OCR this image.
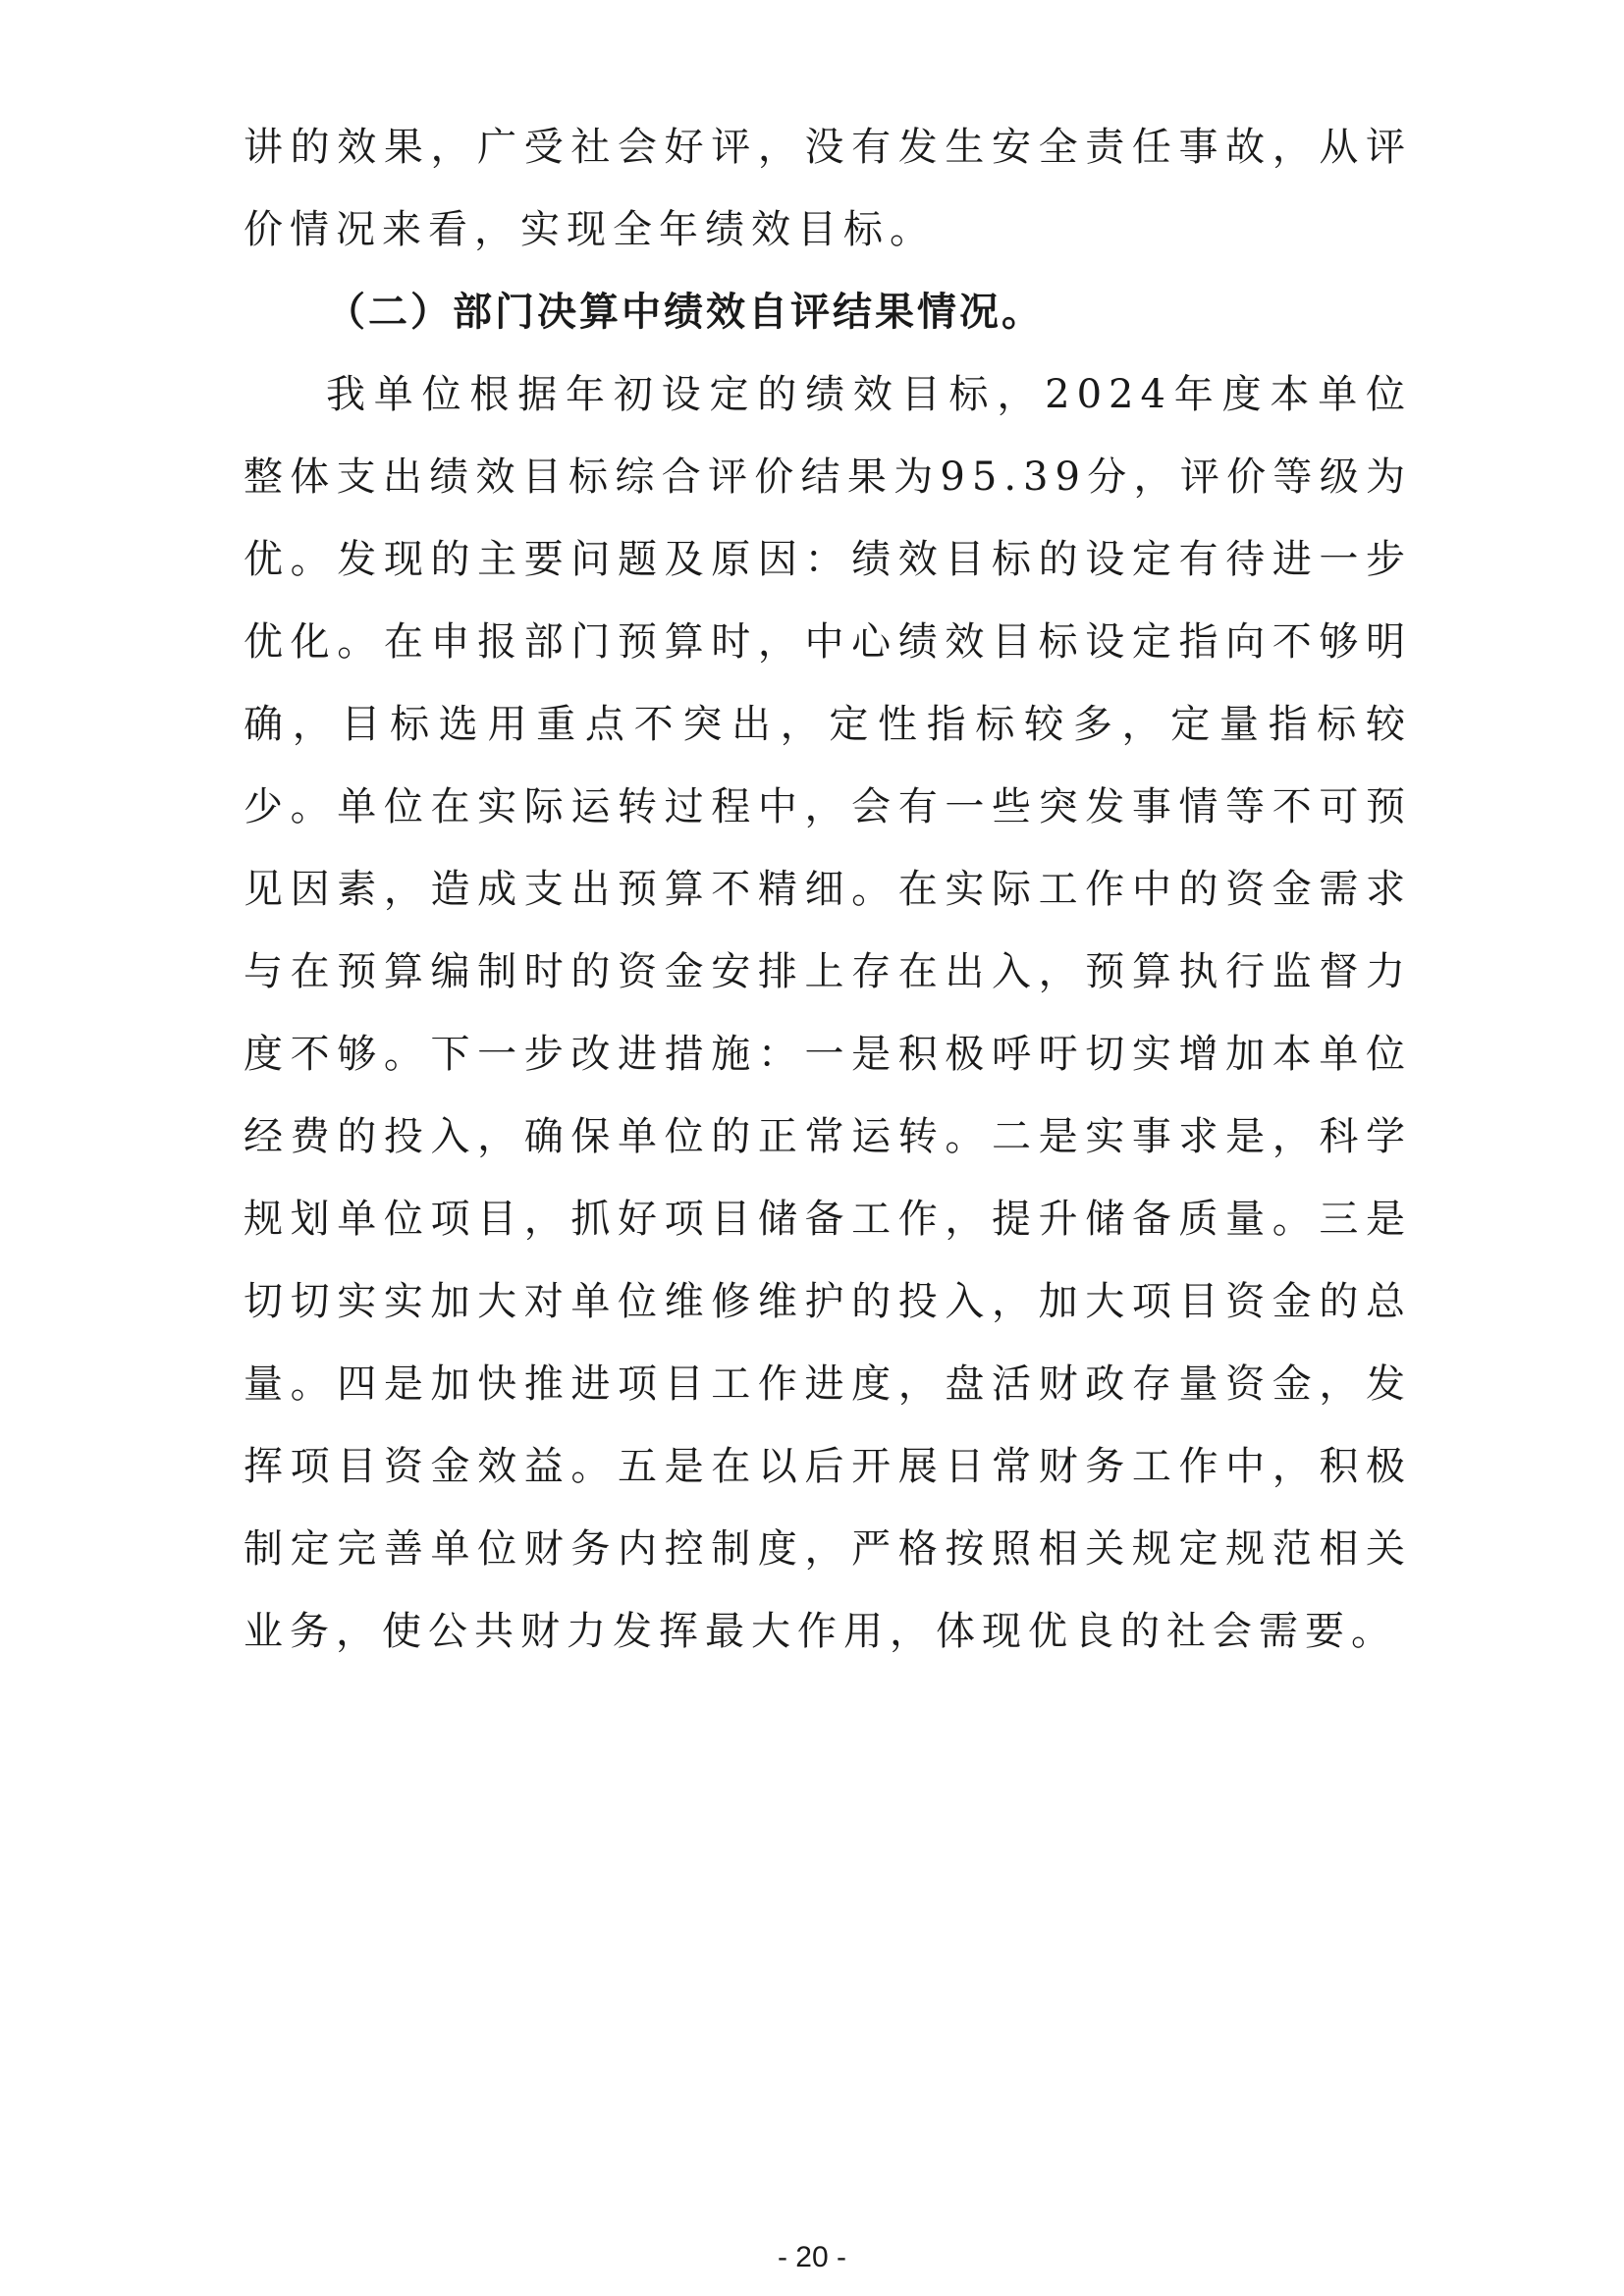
讲的效果，广受社会好评，没有发生安全责任事故，从评价情况来看，实现全年绩效目标。

（二）部门决算中绩效自评结果情况。

我单位根据年初设定的绩效目标，2024年度本单位整体支出绩效目标综合评价结果为95.39分，评价等级为优。发现的主要问题及原因：绩效目标的设定有待进一步优化。在申报部门预算时，中心绩效目标设定指向不够明确，目标选用重点不突出，定性指标较多，定量指标较少。单位在实际运转过程中，会有一些突发事情等不可预见因素，造成支出预算不精细。在实际工作中的资金需求与在预算编制时的资金安排上存在出入，预算执行监督力度不够。下一步改进措施：一是积极呼吁切实增加本单位经费的投入，确保单位的正常运转。二是实事求是，科学规划单位项目，抓好项目储备工作，提升储备质量。三是切切实实加大对单位维修维护的投入，加大项目资金的总量。四是加快推进项目工作进度，盘活财政存量资金，发挥项目资金效益。五是在以后开展日常财务工作中，积极制定完善单位财务内控制度，严格按照相关规定规范相关业务，使公共财力发挥最大作用，体现优良的社会需要。

- 20 -
